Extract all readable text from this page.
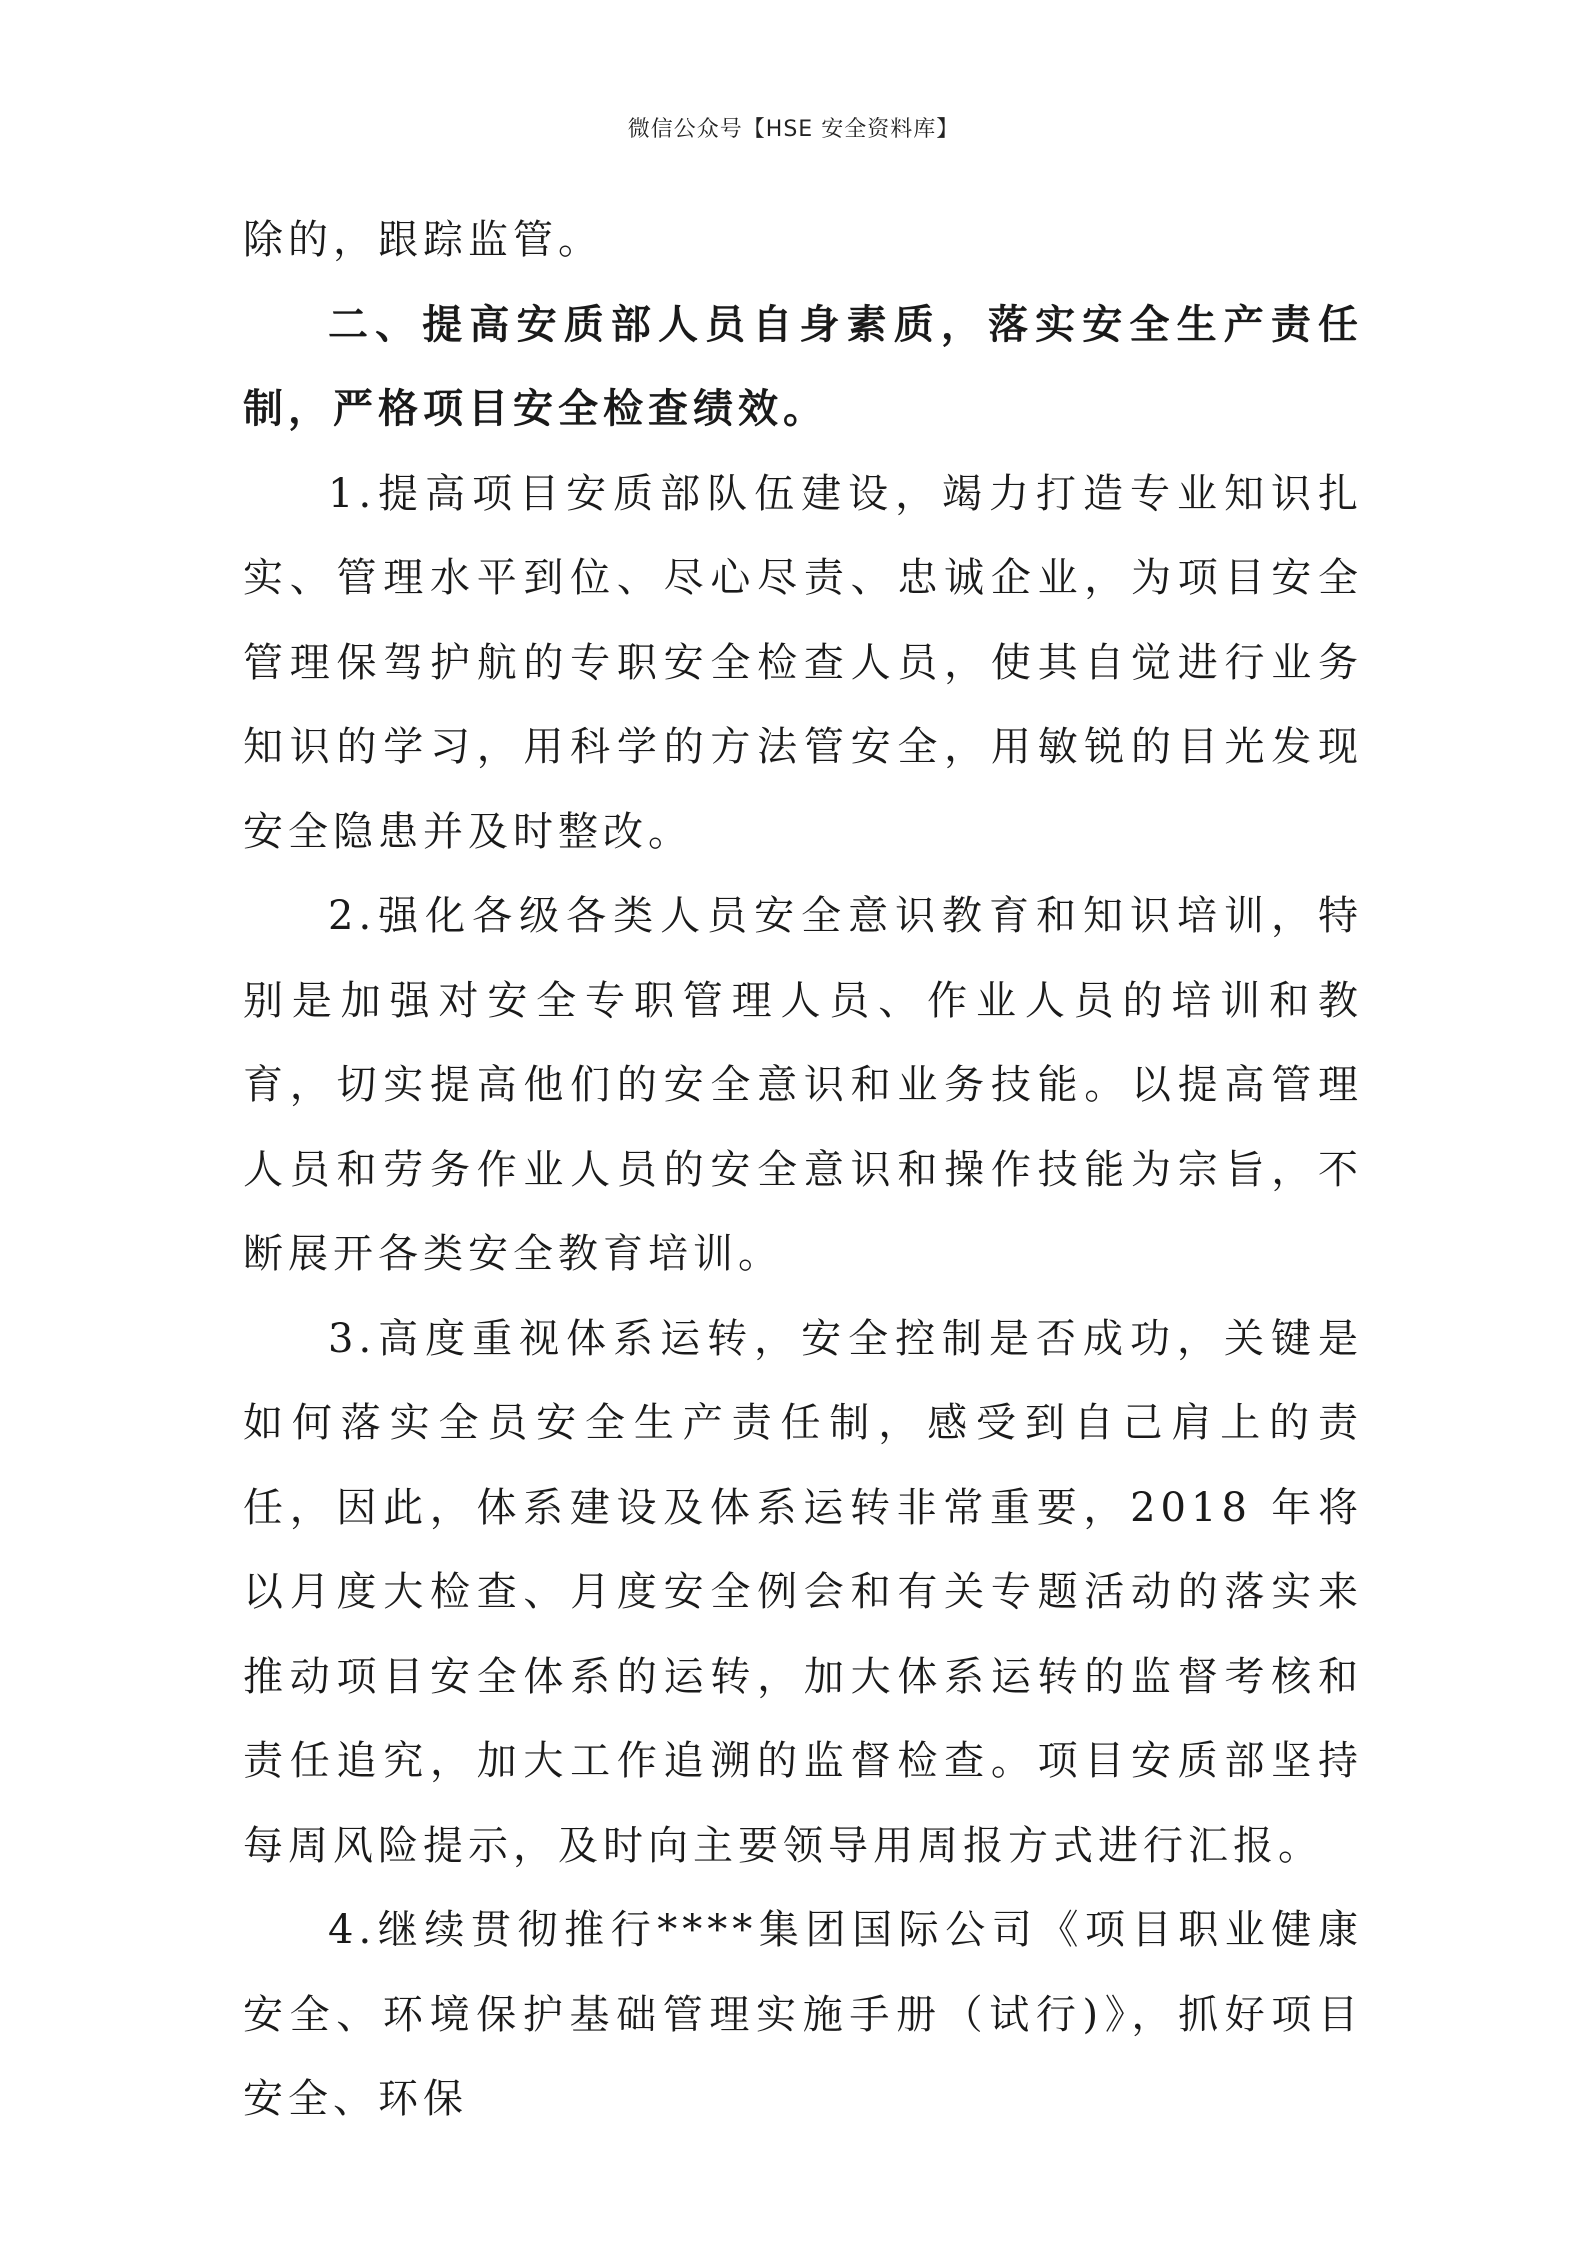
微信公众号【HSE 安全资料库】

除的，跟踪监管。

二、提高安质部人员自身素质，落实安全生产责任制，严格项目安全检查绩效。

1.提高项目安质部队伍建设，竭力打造专业知识扎实、管理水平到位、尽心尽责、忠诚企业，为项目安全管理保驾护航的专职安全检查人员，使其自觉进行业务知识的学习，用科学的方法管安全，用敏锐的目光发现安全隐患并及时整改。

2.强化各级各类人员安全意识教育和知识培训，特别是加强对安全专职管理人员、作业人员的培训和教育，切实提高他们的安全意识和业务技能。以提高管理人员和劳务作业人员的安全意识和操作技能为宗旨，不断展开各类安全教育培训。

3.高度重视体系运转，安全控制是否成功，关键是如何落实全员安全生产责任制，感受到自己肩上的责任，因此，体系建设及体系运转非常重要，2018 年将以月度大检查、月度安全例会和有关专题活动的落实来推动项目安全体系的运转，加大体系运转的监督考核和责任追究，加大工作追溯的监督检查。项目安质部坚持每周风险提示，及时向主要领导用周报方式进行汇报。

4.继续贯彻推行****集团国际公司《项目职业健康安全、环境保护基础管理实施手册（试行)》，抓好项目安全、环保
